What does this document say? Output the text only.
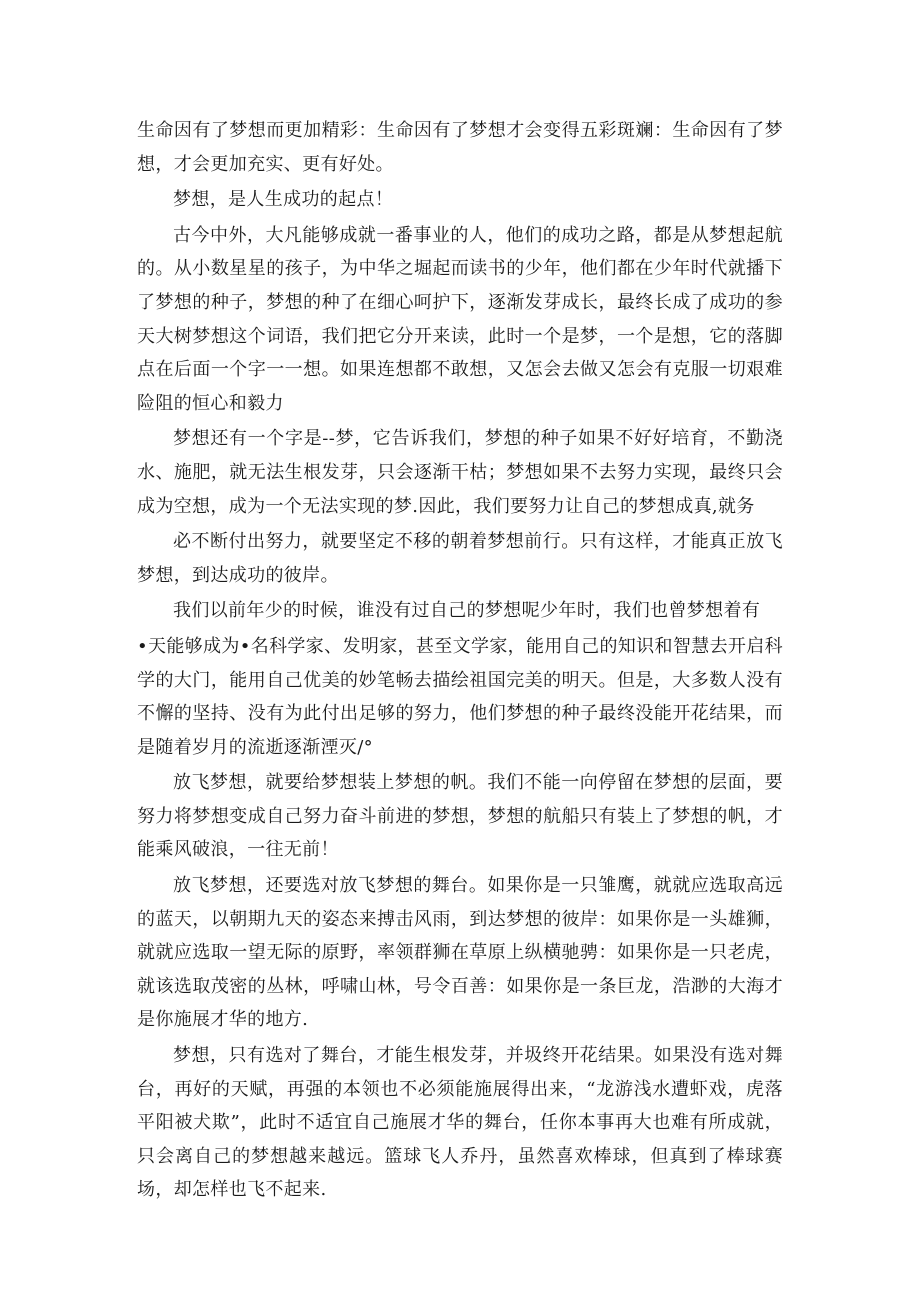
生命因有了梦想而更加精彩：生命因有了梦想才会变得五彩斑斓：生命因有了梦想，才会更加充实、更有好处。

梦想，是人生成功的起点！

古今中外，大凡能够成就一番事业的人，他们的成功之路，都是从梦想起航的。从小数星星的孩子，为中华之堀起而读书的少年，他们都在少年时代就播下了梦想的种子，梦想的种了在细心呵护下，逐渐发芽成长，最终长成了成功的参天大树梦想这个词语，我们把它分开来读，此时一个是梦，一个是想，它的落脚点在后面一个字一一想。如果连想都不敢想，又怎会去做又怎会有克服一切艰难险阻的恒心和毅力

梦想还有一个字是--梦，它告诉我们，梦想的种子如果不好好培育，不勤浇水、施肥，就无法生根发芽，只会逐渐干枯；梦想如果不去努力实现，最终只会成为空想，成为一个无法实现的梦.因此，我们要努力让自己的梦想成真,就务

必不断付出努力，就要坚定不移的朝着梦想前行。只有这样，才能真正放飞梦想，到达成功的彼岸。

我们以前年少的时候，谁没有过自己的梦想呢少年时，我们也曾梦想着有

•天能够成为•名科学家、发明家，甚至文学家，能用自己的知识和智慧去开启科学的大门，能用自己优美的妙笔畅去描绘祖国完美的明天。但是，大多数人没有不懈的坚持、没有为此付出足够的努力，他们梦想的种子最终没能开花结果，而是随着岁月的流逝逐渐湮灭/°

放飞梦想，就要给梦想装上梦想的帆。我们不能一向停留在梦想的层面，要努力将梦想变成自己努力奋斗前进的梦想，梦想的航船只有装上了梦想的帆，才能乘风破浪，一往无前！

放飞梦想，还要选对放飞梦想的舞台。如果你是一只雏鹰，就就应选取高远的蓝天，以朝期九天的姿态来搏击风雨，到达梦想的彼岸：如果你是一头雄狮，就就应选取一望无际的原野，率领群狮在草原上纵横驰骋：如果你是一只老虎，就该选取茂密的丛林，呼啸山林，号令百善：如果你是一条巨龙，浩渺的大海才是你施展才华的地方.

梦想，只有选对了舞台，才能生根发芽，并圾终开花结果。如果没有选对舞台，再好的天赋，再强的本领也不必须能施展得出来，“龙游浅水遭虾戏，虎落平阳被犬欺”，此时不适宜自己施展才华的舞台，任你本事再大也难有所成就，只会离自己的梦想越来越远。篮球飞人乔丹，虽然喜欢棒球，但真到了棒球赛场，却怎样也飞不起来.
